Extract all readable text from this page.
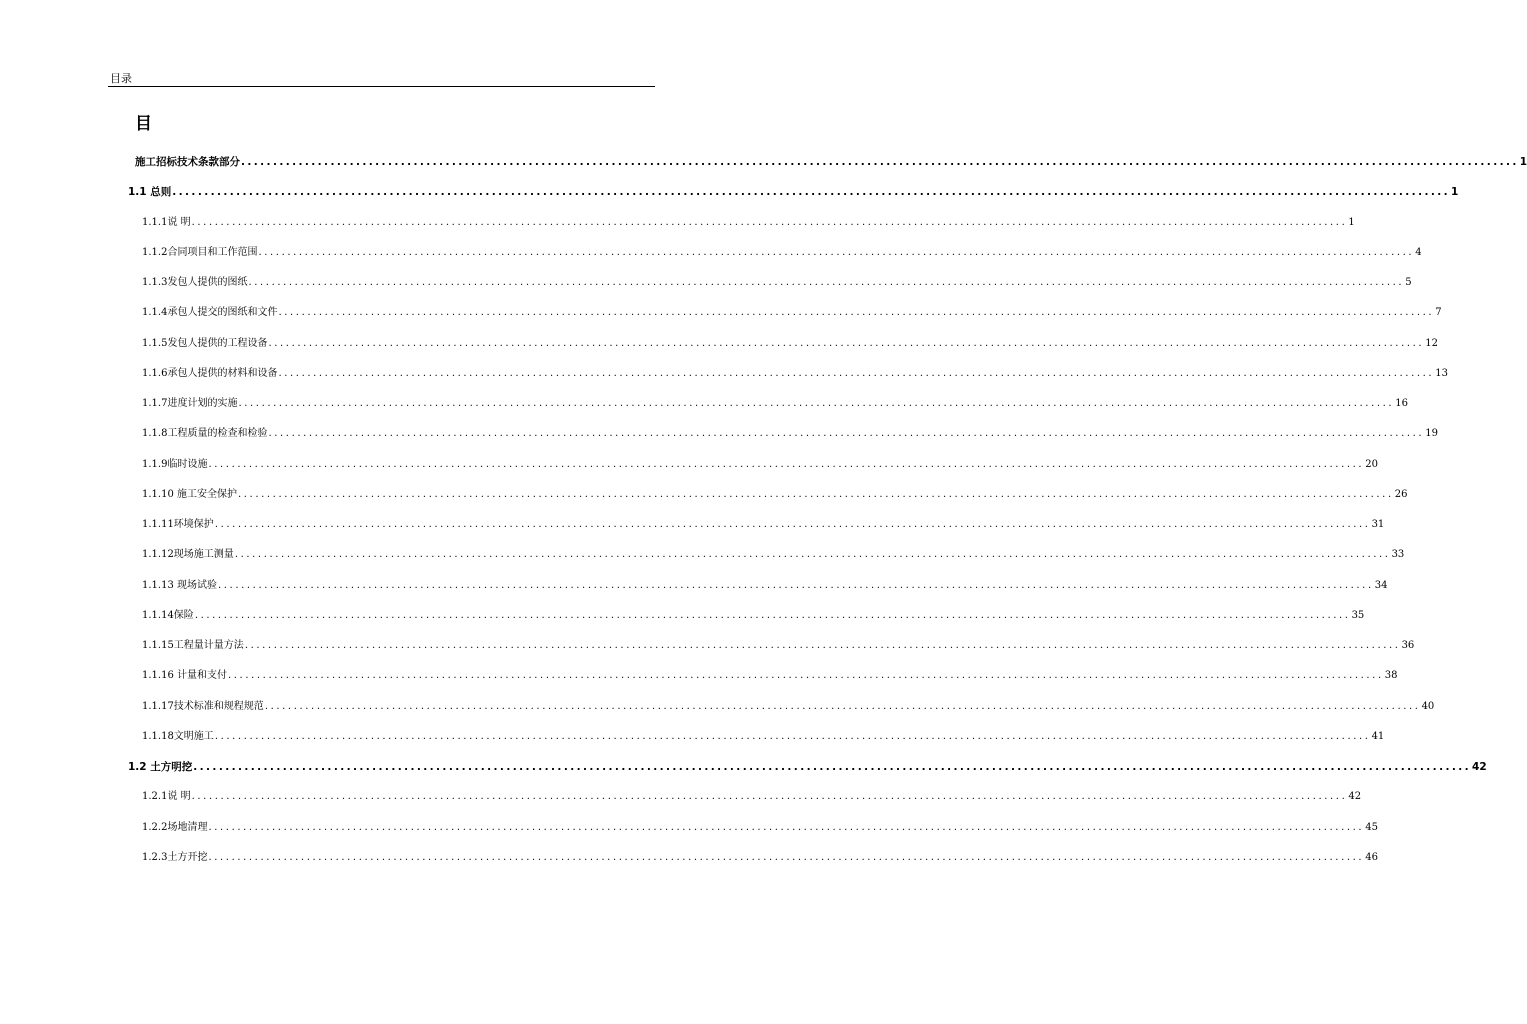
目录
目
施工招标技术条款部分 ........................................................................................................................................................................................................ 1
1.1 总则 ........................................................................................................................................................................................................ 1
1.1.1说 明 ........................................................................................................................................................................................................ 1
1.1.2合同项目和工作范围 ........................................................................................................................................................................................................ 4
1.1.3发包人提供的图纸 ........................................................................................................................................................................................................ 5
1.1.4承包人提交的图纸和文件 ........................................................................................................................................................................................................ 7
1.1.5发包人提供的工程设备 ........................................................................................................................................................................................................ 12
1.1.6承包人提供的材料和设备 ........................................................................................................................................................................................................ 13
1.1.7进度计划的实施 ........................................................................................................................................................................................................ 16
1.1.8工程质量的检查和检验 ........................................................................................................................................................................................................ 19
1.1.9临时设施 ........................................................................................................................................................................................................ 20
1.1.10 施工安全保护 ........................................................................................................................................................................................................ 26
1.1.11环境保护 ........................................................................................................................................................................................................ 31
1.1.12现场施工测量 ........................................................................................................................................................................................................ 33
1.1.13 现场试验 ........................................................................................................................................................................................................ 34
1.1.14保险 ........................................................................................................................................................................................................ 35
1.1.15工程量计量方法 ........................................................................................................................................................................................................ 36
1.1.16 计量和支付 ........................................................................................................................................................................................................ 38
1.1.17技术标准和规程规范 ........................................................................................................................................................................................................ 40
1.1.18文明施工 ........................................................................................................................................................................................................ 41
1.2 土方明挖 ........................................................................................................................................................................................................ 42
1.2.1说 明 ........................................................................................................................................................................................................ 42
1.2.2场地清理 ........................................................................................................................................................................................................ 45
1.2.3土方开挖 ........................................................................................................................................................................................................ 46
